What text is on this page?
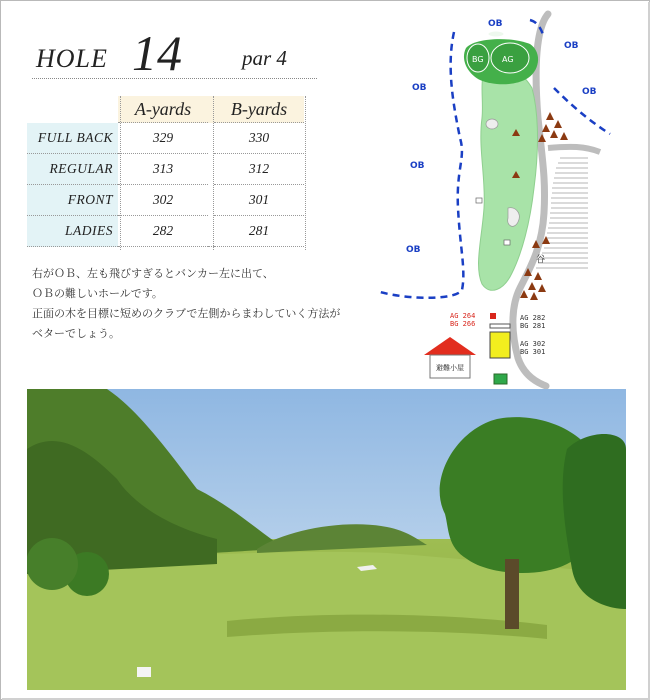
HOLE 14	par 4
	A-yards		B-yards
FULL BACK	329		330
REGULAR	313		312
FRONT	302		301
LADIES	282		281

右がＯＢ、左も飛びすぎるとバンカー左に出て、

ＯＢの難しいホールです。

正面の木を目標に短めのクラブで左側からまわしていく方法が

ベターでしょう。

BG AG
OB
OB
OB	OB
OB
OB
谷
AG 264
BG 266
AG 282
BG 281
AG 302
BG 301
避難小屋
